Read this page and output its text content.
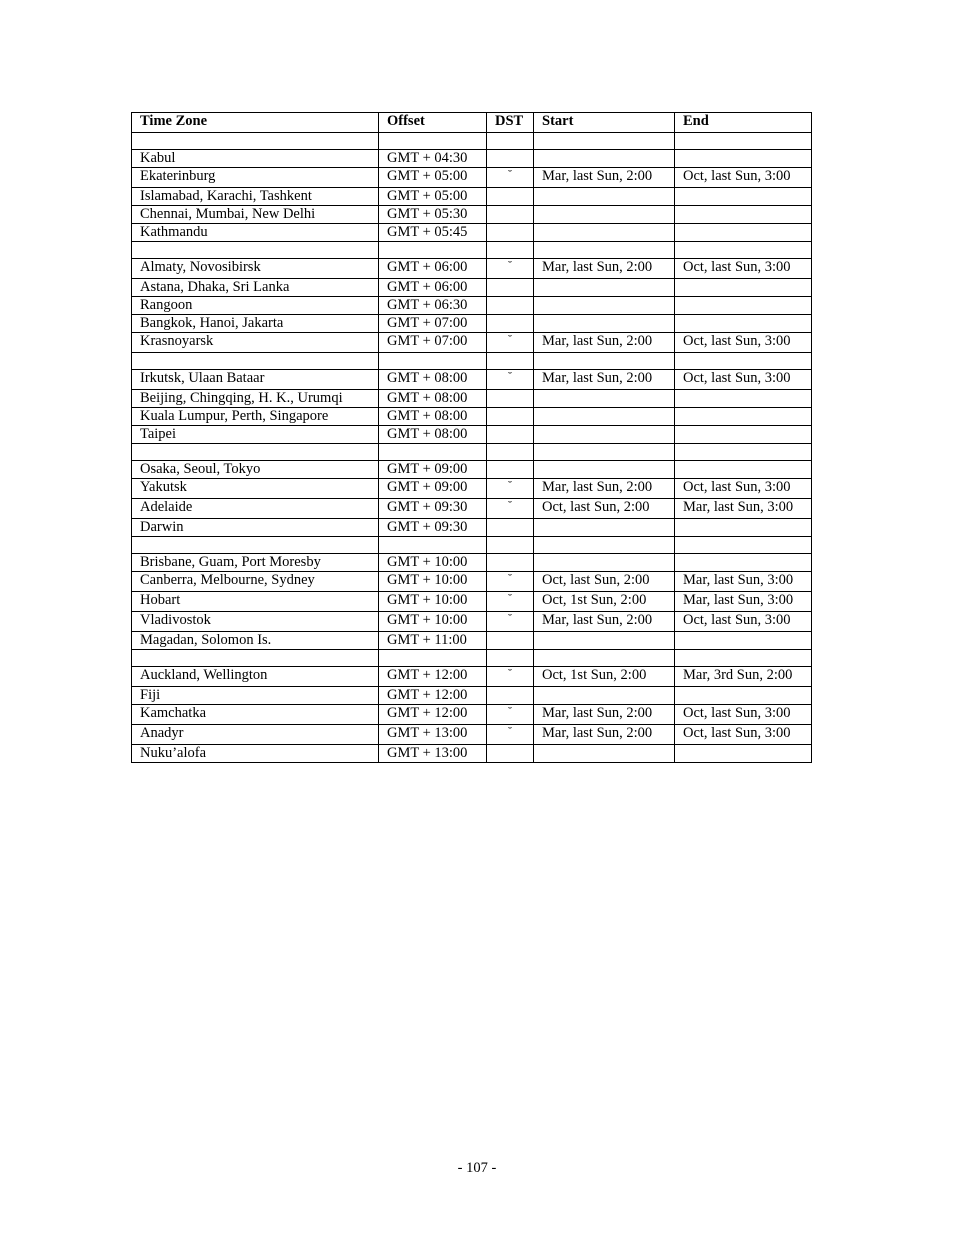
Time Zone	Offset	DST	Start	End

Kabul	GMT + 04:30			
Ekaterinburg	GMT + 05:00	˘	Mar, last Sun, 2:00	Oct, last Sun, 3:00
Islamabad, Karachi, Tashkent	GMT + 05:00			
Chennai, Mumbai, New Delhi	GMT + 05:30			
Kathmandu	GMT + 05:45			

Almaty, Novosibirsk	GMT + 06:00	˘	Mar, last Sun, 2:00	Oct, last Sun, 3:00
Astana, Dhaka, Sri Lanka	GMT + 06:00			
Rangoon	GMT + 06:30			
Bangkok, Hanoi, Jakarta	GMT + 07:00			
Krasnoyarsk	GMT + 07:00	˘	Mar, last Sun, 2:00	Oct, last Sun, 3:00

Irkutsk, Ulaan Bataar	GMT + 08:00	˘	Mar, last Sun, 2:00	Oct, last Sun, 3:00
Beijing, Chingqing, H. K., Urumqi	GMT + 08:00			
Kuala Lumpur, Perth, Singapore	GMT + 08:00			
Taipei	GMT + 08:00			

Osaka, Seoul, Tokyo	GMT + 09:00			
Yakutsk	GMT + 09:00	˘	Mar, last Sun, 2:00	Oct, last Sun, 3:00
Adelaide	GMT + 09:30	˘	Oct, last Sun, 2:00	Mar, last Sun, 3:00
Darwin	GMT + 09:30			

Brisbane, Guam, Port Moresby	GMT + 10:00			
Canberra, Melbourne, Sydney	GMT + 10:00	˘	Oct, last Sun, 2:00	Mar, last Sun, 3:00
Hobart	GMT + 10:00	˘	Oct, 1st Sun, 2:00	Mar, last Sun, 3:00
Vladivostok	GMT + 10:00	˘	Mar, last Sun, 2:00	Oct, last Sun, 3:00
Magadan, Solomon Is.	GMT + 11:00			

Auckland, Wellington	GMT + 12:00	˘	Oct, 1st Sun, 2:00	Mar, 3rd Sun, 2:00
Fiji	GMT + 12:00			
Kamchatka	GMT + 12:00	˘	Mar, last Sun, 2:00	Oct, last Sun, 3:00
Anadyr	GMT + 13:00	˘	Mar, last Sun, 2:00	Oct, last Sun, 3:00
Nuku’alofa	GMT + 13:00			
- 107 -
